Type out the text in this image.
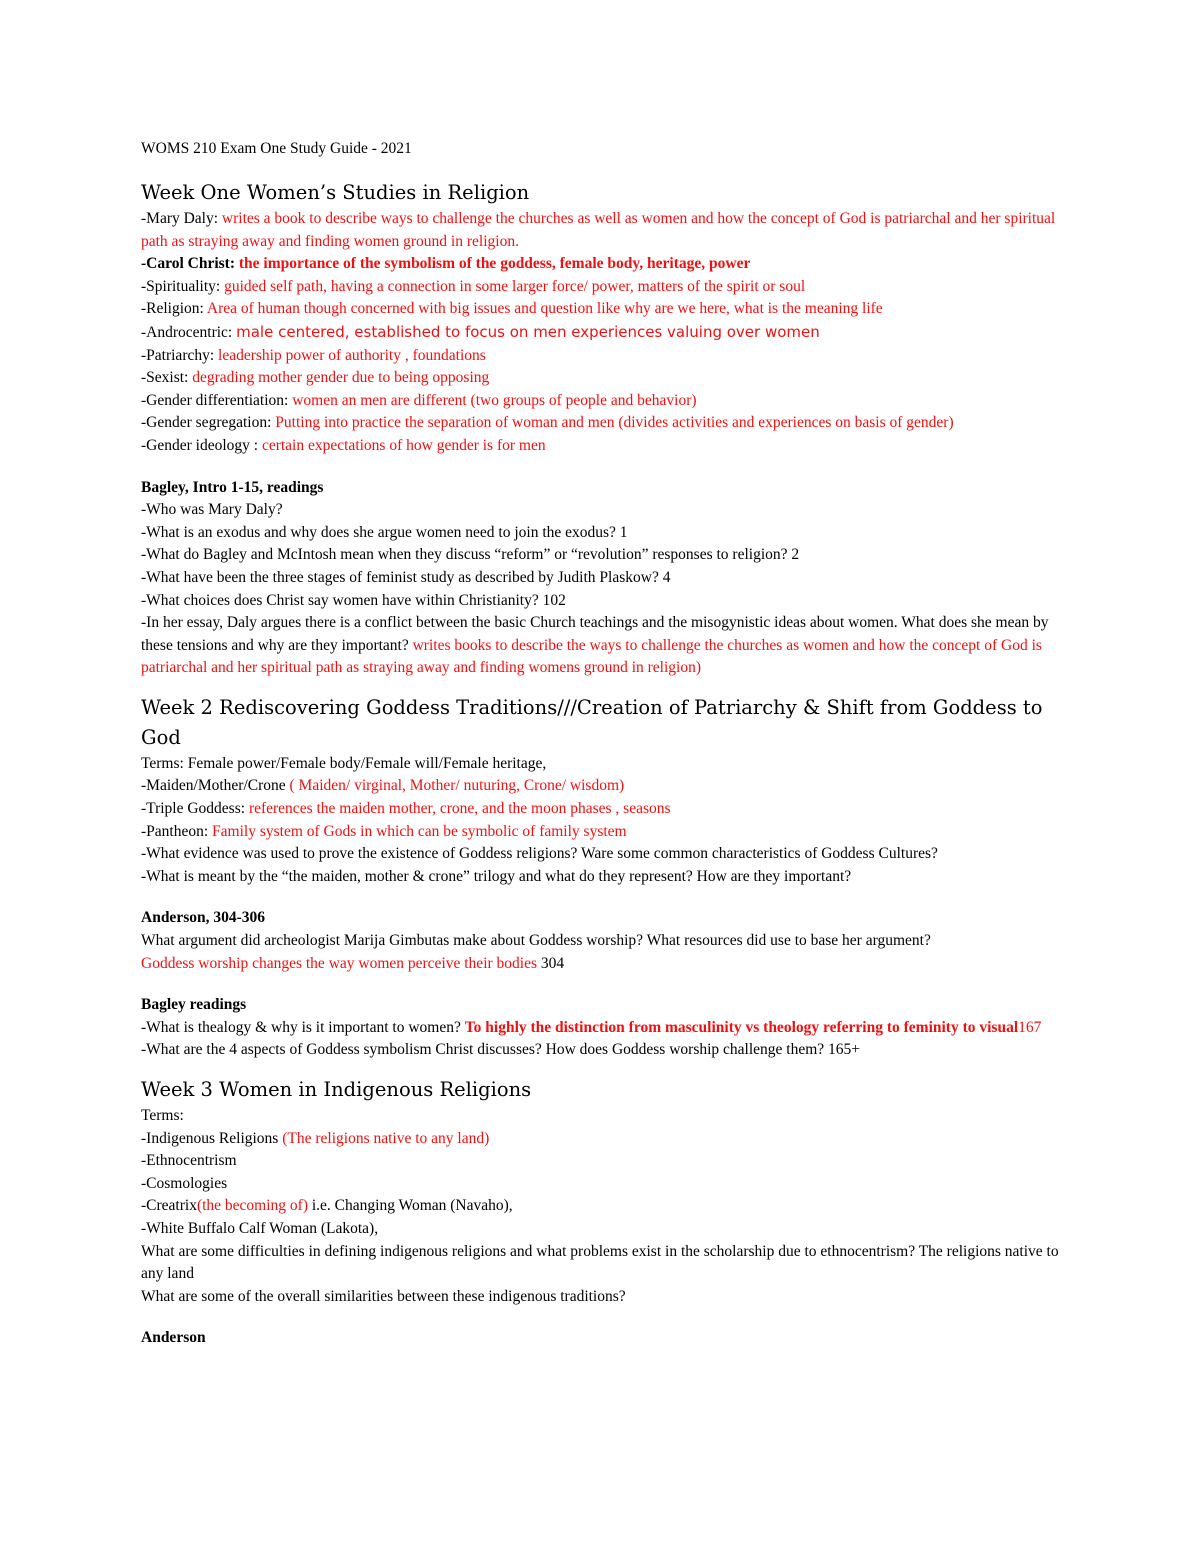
WOMS 210 Exam One Study Guide - 2021

Week One Women’s Studies in Religion

-Mary Daly: writes a book to describe ways to challenge the churches as well as women and how the concept of God is patriarchal and her spiritual path as straying away and finding women ground in religion.

-Carol Christ: the importance of the symbolism of the goddess, female body, heritage, power

-Spirituality: guided self path, having a connection in some larger force/ power, matters of the spirit or soul

-Religion: Area of human though concerned with big issues and question like why are we here, what is the meaning life

-Androcentric: male centered, established to focus on men experiences valuing over women

-Patriarchy: leadership power of authority , foundations

-Sexist: degrading mother gender due to being opposing

-Gender differentiation: women an men are different (two groups of people and behavior)

-Gender segregation: Putting into practice the separation of woman and men (divides activities and experiences on basis of gender)

-Gender ideology : certain expectations of how gender is for men

Bagley, Intro 1-15, readings

-Who was Mary Daly?

-What is an exodus and why does she argue women need to join the exodus? 1

-What do Bagley and McIntosh mean when they discuss “reform” or “revolution” responses to religion? 2

-What have been the three stages of feminist study as described by Judith Plaskow? 4

-What choices does Christ say women have within Christianity? 102

-In her essay, Daly argues there is a conflict between the basic Church teachings and the misogynistic ideas about women. What does she mean by these tensions and why are they important? writes books to describe the ways to challenge the churches as women and how the concept of God is patriarchal and her spiritual path as straying away and finding womens ground in religion)

Week 2 Rediscovering Goddess Traditions///Creation of Patriarchy & Shift from Goddess to God

Terms: Female power/Female body/Female will/Female heritage,

-Maiden/Mother/Crone ( Maiden/ virginal, Mother/ nuturing, Crone/ wisdom)

-Triple Goddess: references the maiden mother, crone, and the moon phases , seasons

-Pantheon: Family system of Gods in which can be symbolic of family system

-What evidence was used to prove the existence of Goddess religions? Ware some common characteristics of Goddess Cultures?

-What is meant by the “the maiden, mother & crone” trilogy and what do they represent? How are they important?

Anderson, 304-306

What argument did archeologist Marija Gimbutas make about Goddess worship? What resources did use to base her argument?

Goddess worship changes the way women perceive their bodies 304

Bagley readings

-What is thealogy & why is it important to women? To highly the distinction from masculinity vs theology referring to feminity to visual167

-What are the 4 aspects of Goddess symbolism Christ discusses? How does Goddess worship challenge them? 165+

Week 3 Women in Indigenous Religions

Terms:

-Indigenous Religions (The religions native to any land)

-Ethnocentrism

-Cosmologies

-Creatrix(the becoming of) i.e. Changing Woman (Navaho),

-White Buffalo Calf Woman (Lakota),

What are some difficulties in defining indigenous religions and what problems exist in the scholarship due to ethnocentrism? The religions native to any land

What are some of the overall similarities between these indigenous traditions?

Anderson
